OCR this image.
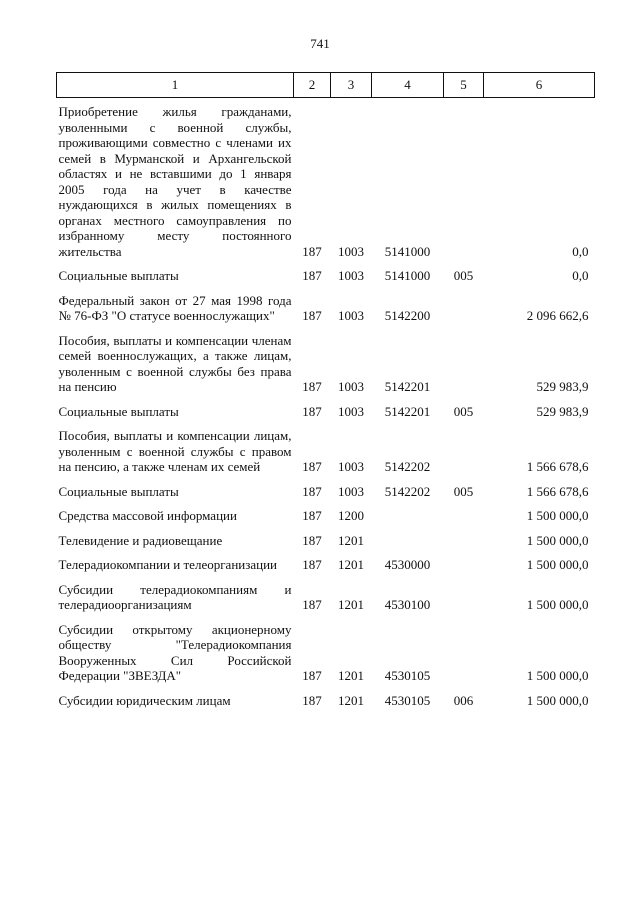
741
1	2	3	4	5	6

Приобретение жилья гражданами, уволенными с военной службы, проживающими совместно с членами их семей в Мурманской и Архангельской областях и не вставшими до 1 января 2005 года на учет в качестве нуждающихся в жилых помещениях в органах местного самоуправления по избранному месту постоянного жительства	187	1003	5141000		0,0

Социальные выплаты	187	1003	5141000	005	0,0

Федеральный закон от 27 мая 1998 года № 76-ФЗ "О статусе военнослужащих"	187	1003	5142200		2 096 662,6

Пособия, выплаты и компенсации членам семей военнослужащих, а также лицам, уволенным с военной службы без права на пенсию	187	1003	5142201		529 983,9

Социальные выплаты	187	1003	5142201	005	529 983,9

Пособия, выплаты и компенсации лицам, уволенным с военной службы с правом на пенсию, а также членам их семей	187	1003	5142202		1 566 678,6

Социальные выплаты	187	1003	5142202	005	1 566 678,6

Средства массовой информации	187	1200			1 500 000,0

Телевидение и радиовещание	187	1201			1 500 000,0

Телерадиокомпании и телеорганизации	187	1201	4530000		1 500 000,0

Субсидии телерадиокомпаниям и телерадиоорганизациям	187	1201	4530100		1 500 000,0

Субсидии открытому акционерному обществу "Телерадиокомпания Вооруженных Сил Российской Федерации "ЗВЕЗДА"	187	1201	4530105		1 500 000,0

Субсидии юридическим лицам	187	1201	4530105	006	1 500 000,0
